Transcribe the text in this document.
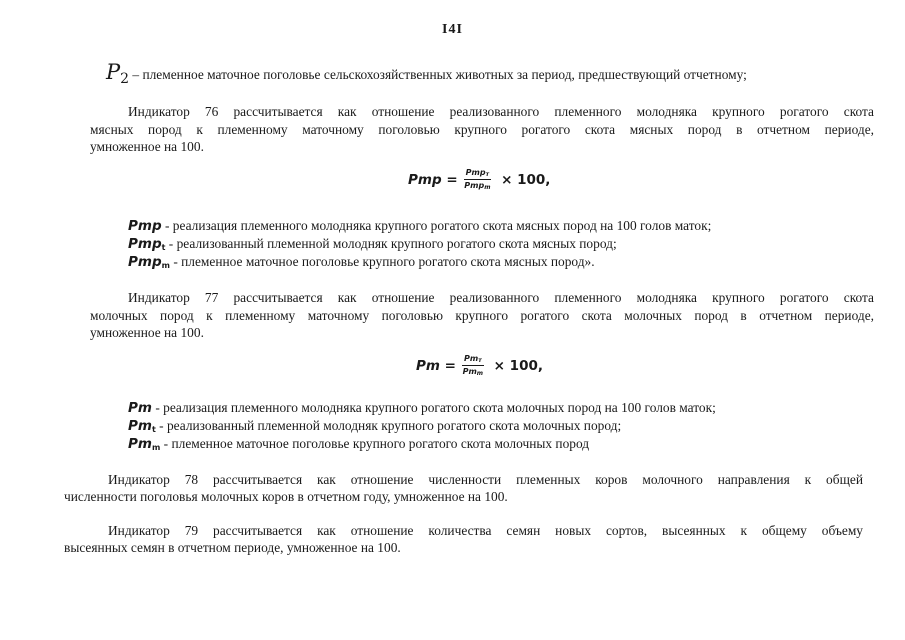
I4I
$P_2$ – племенное маточное поголовье сельскохозяйственных животных за период, предшествующий отчетному;
Индикатор 76 рассчитывается как отношение реализованного племенного молодняка крупного рогатого скота
мясных пород к племенному маточному поголовью крупного рогатого скота мясных пород в отчетном периоде,
умноженное на 100.
Pmp = $\frac{Pmp_т}{Pmp_m} \times 100$,
Pmp - реализация племенного молодняка крупного рогатого скота мясных пород на 100 голов маток;
Pmp$_t$ - реализованный племенной молодняк крупного рогатого скота мясных пород;
Pmp$_m$ - племенное маточное поголовье крупного рогатого скота мясных пород».
Индикатор 77 рассчитывается как отношение реализованного племенного молодняка крупного рогатого скота
молочных пород к племенному маточному поголовью крупного рогатого скота молочных пород в отчетном периоде,
умноженное на 100.
$Pm = \frac{Pm_т}{Pm_m} \times 100$,
Pm - реализация племенного молодняка крупного рогатого скота молочных пород на 100 голов маток;
$Pm_t$ - реализованный племенной молодняк крупного рогатого скота молочных пород;
$Pm_m$ - племенное маточное поголовье крупного рогатого скота молочных пород
Индикатор 78 рассчитывается как отношение численности племенных коров молочного направления к общей
численности поголовья молочных коров в отчетном году, умноженное на 100.
Индикатор 79 рассчитывается как отношение количества семян новых сортов, высеянных к общему объему
высеянных семян в отчетном периоде, умноженное на 100.
